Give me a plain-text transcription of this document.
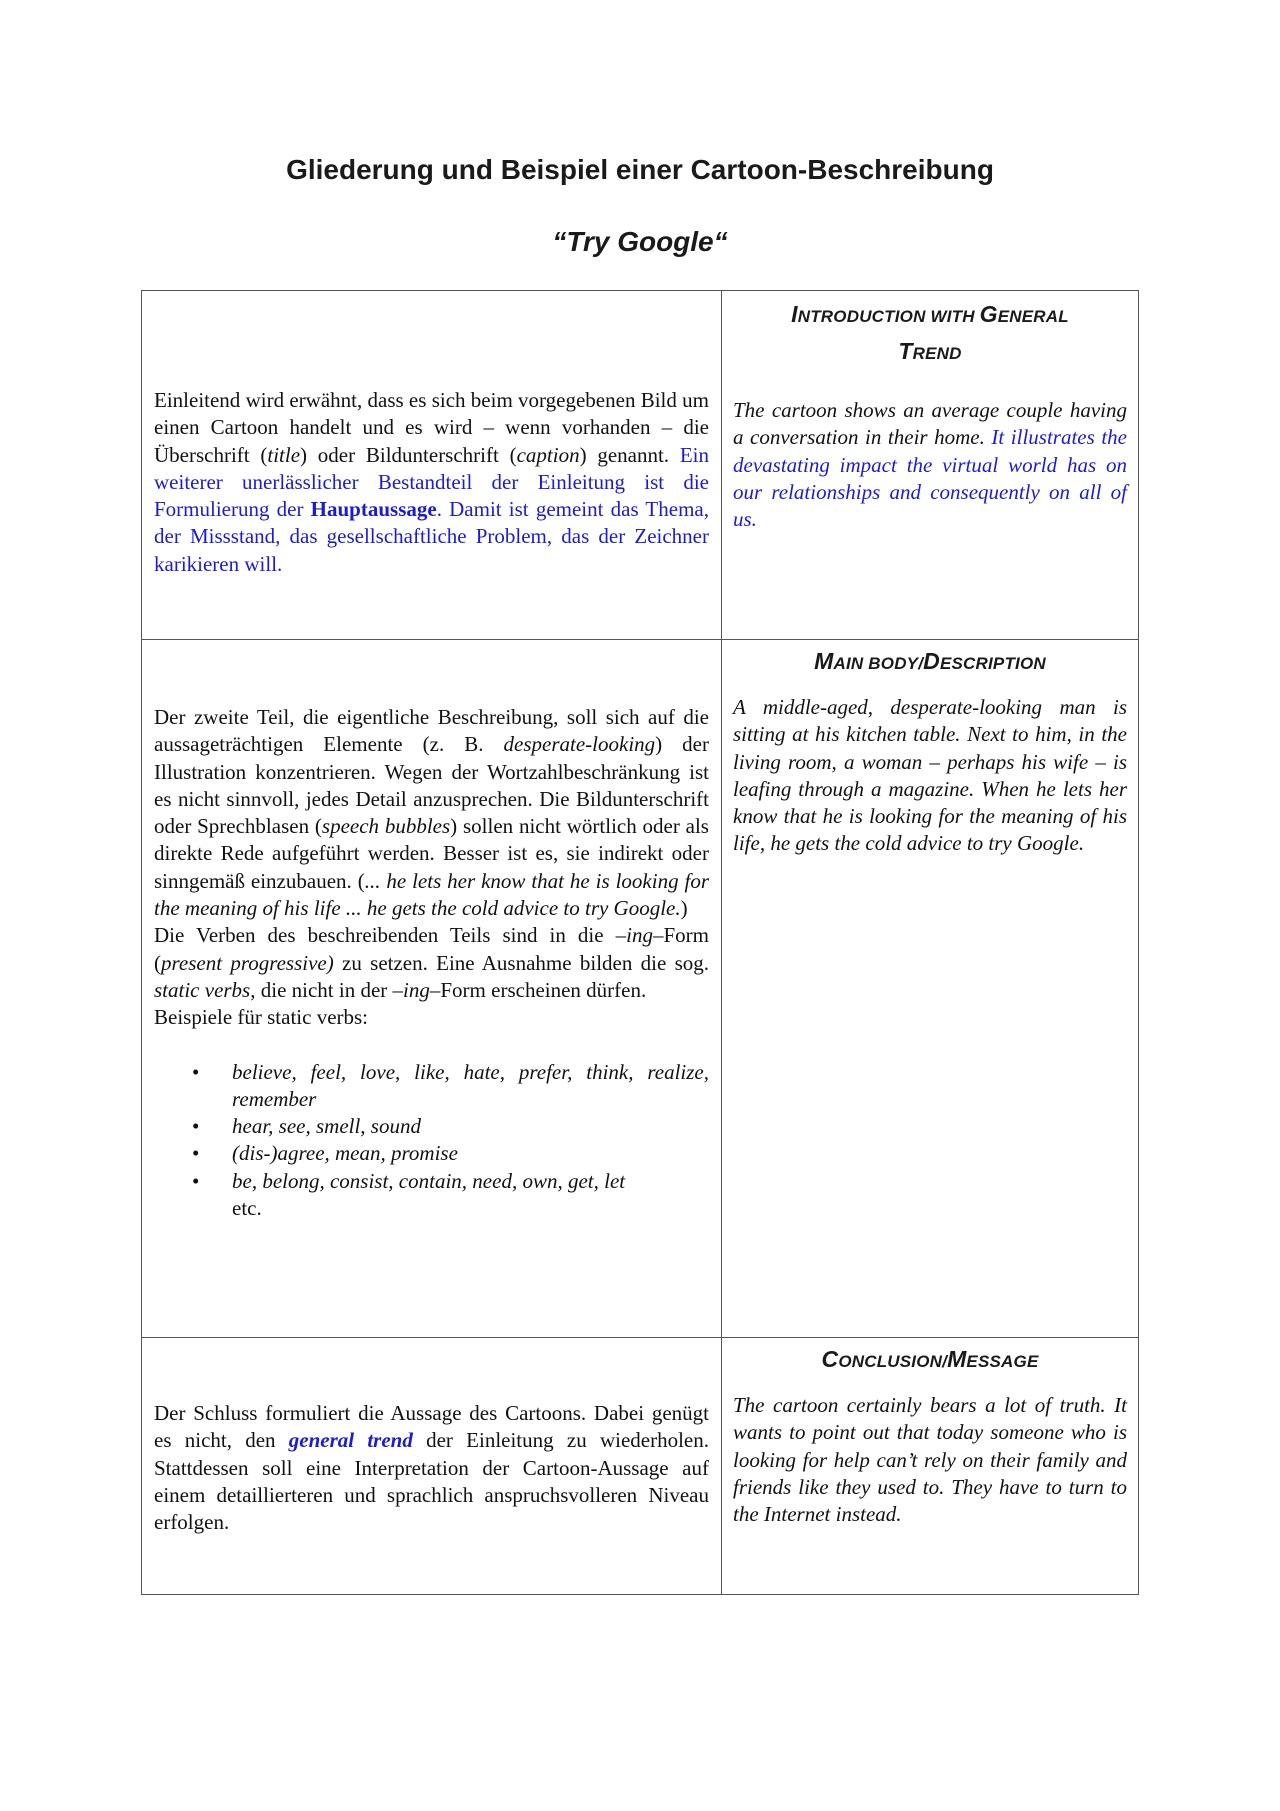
Gliederung und Beispiel einer Cartoon-Beschreibung
“Try Google“
Einleitend wird erwähnt, dass es sich beim vorgegebenen Bild um einen Cartoon handelt und es wird – wenn vorhanden – die Überschrift (title) oder Bildunterschrift (caption) genannt. Ein weiterer unerlässlicher Bestandteil der Einleitung ist die Formulierung der Hauptaussage. Damit ist gemeint das Thema, der Missstand, das gesellschaftliche Problem, das der Zeichner karikieren will.
INTRODUCTION WITH GENERAL
TREND
The cartoon shows an average couple having a conversation in their home. It illustrates the devastating impact the virtual world has on our relationships and consequently on all of us.
Der zweite Teil, die eigentliche Beschreibung, soll sich auf die aussageträchtigen Elemente (z. B. desperate-looking) der Illustration konzentrieren. Wegen der Wortzahlbeschränkung ist es nicht sinnvoll, jedes Detail anzusprechen. Die Bildunterschrift oder Sprechblasen (speech bubbles) sollen nicht wörtlich oder als direkte Rede aufgeführt werden. Besser ist es, sie indirekt oder sinngemäß einzubauen. (... he lets her know that he is looking for the meaning of his life ... he gets the cold advice to try Google.)
Die Verben des beschreibenden Teils sind in die –ing–Form (present progressive) zu setzen. Eine Ausnahme bilden die sog. static verbs, die nicht in der –ing–Form erscheinen dürfen.
Beispiele für static verbs:
• believe, feel, love, like, hate, prefer, think, realize, remember
• hear, see, smell, sound
• (dis-)agree, mean, promise
• be, belong, consist, contain, need, own, get, let
etc.
MAIN BODY/DESCRIPTION
A middle-aged, desperate-looking man is sitting at his kitchen table. Next to him, in the living room, a woman – perhaps his wife – is leafing through a magazine. When he lets her know that he is looking for the meaning of his life, he gets the cold advice to try Google.
Der Schluss formuliert die Aussage des Cartoons. Dabei genügt es nicht, den general trend der Einleitung zu wiederholen. Stattdessen soll eine Interpretation der Cartoon-Aussage auf einem detaillierteren und sprachlich anspruchsvolleren Niveau erfolgen.
CONCLUSION/MESSAGE
The cartoon certainly bears a lot of truth. It wants to point out that today someone who is looking for help can’t rely on their family and friends like they used to. They have to turn to the Internet instead.
